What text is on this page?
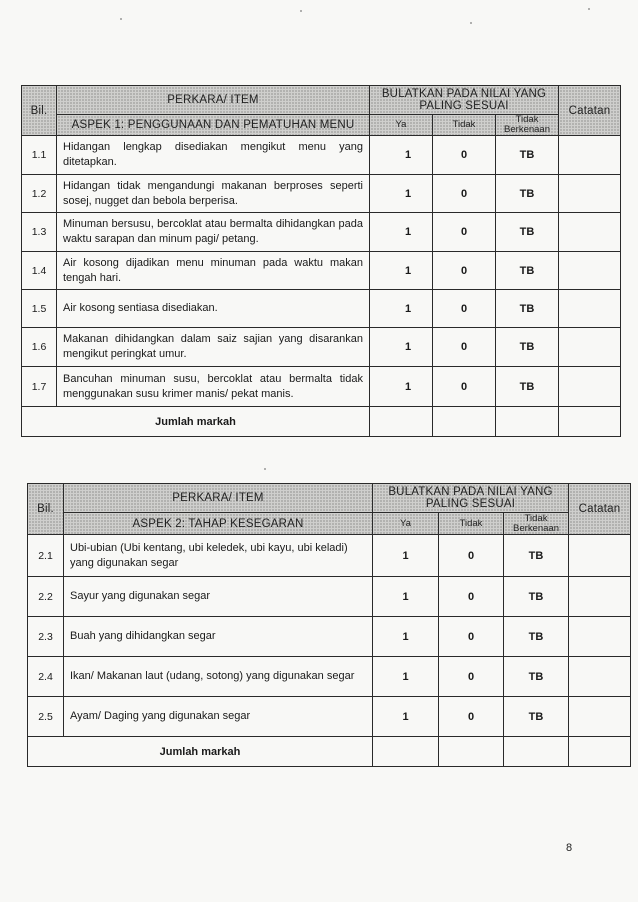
Bil.	PERKARA/ ITEM	BULATKAN PADA NILAI YANG PALING SESUAI			Catatan
	ASPEK 1: PENGGUNAAN DAN PEMATUHAN MENU	Ya	Tidak	Tidak Berkenaan	
1.1	Hidangan lengkap disediakan mengikut menu yang ditetapkan.	1	0	TB	
1.2	Hidangan tidak mengandungi makanan berproses seperti sosej, nugget dan bebola berperisa.	1	0	TB	
1.3	Minuman bersusu, bercoklat atau bermalta dihidangkan pada waktu sarapan dan minum pagi/ petang.	1	0	TB	
1.4	Air kosong dijadikan menu minuman pada waktu makan tengah hari.	1	0	TB	
1.5	Air kosong sentiasa disediakan.	1	0	TB	
1.6	Makanan dihidangkan dalam saiz sajian yang disarankan mengikut peringkat umur.	1	0	TB	
1.7	Bancuhan minuman susu, bercoklat atau bermalta tidak menggunakan susu krimer manis/ pekat manis.	1	0	TB	
Jumlah markah					
Bil.	PERKARA/ ITEM	BULATKAN PADA NILAI YANG PALING SESUAI			Catatan
	ASPEK 2: TAHAP KESEGARAN	Ya	Tidak	Tidak Berkenaan	
2.1	Ubi-ubian (Ubi kentang, ubi keledek, ubi kayu, ubi keladi) yang digunakan segar	1	0	TB	
2.2	Sayur yang digunakan segar	1	0	TB	
2.3	Buah yang dihidangkan segar	1	0	TB	
2.4	Ikan/ Makanan laut (udang, sotong) yang digunakan segar	1	0	TB	
2.5	Ayam/ Daging yang digunakan segar	1	0	TB	
Jumlah markah					
8
